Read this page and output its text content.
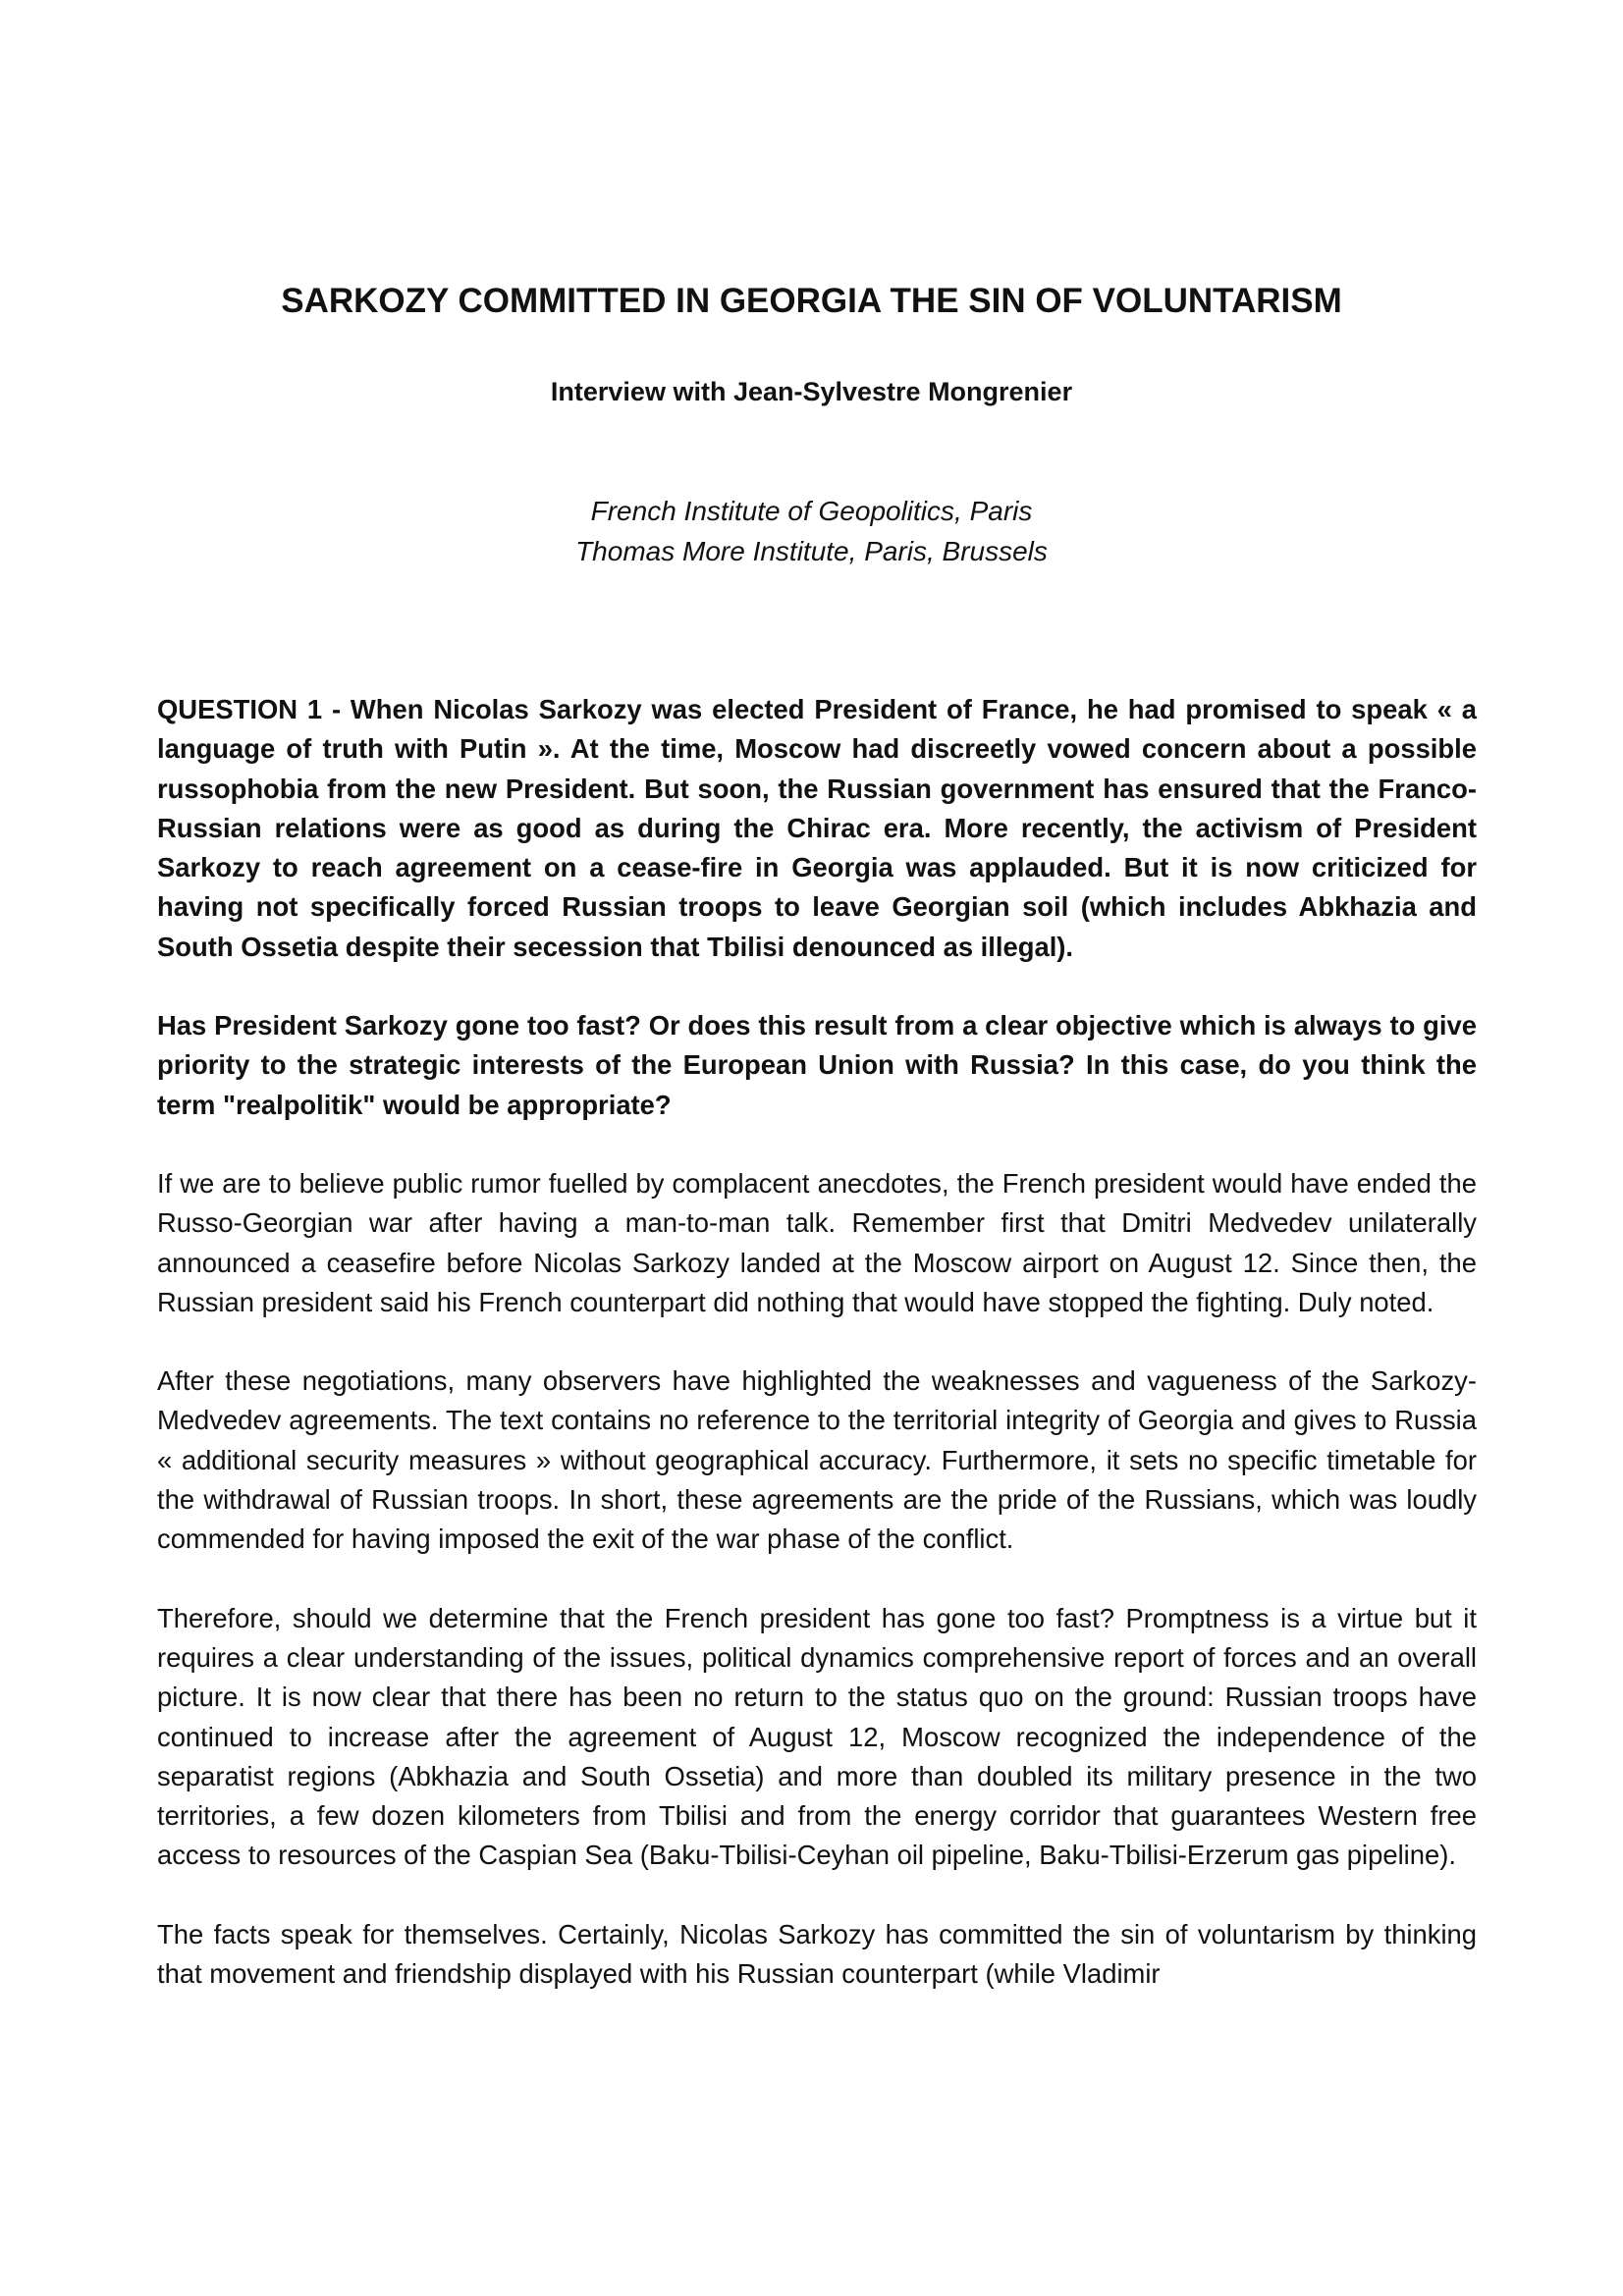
SARKOZY COMMITTED IN GEORGIA THE SIN OF VOLUNTARISM
Interview with Jean-Sylvestre Mongrenier
French Institute of Geopolitics, Paris
Thomas More Institute, Paris, Brussels

QUESTION 1 - When Nicolas Sarkozy was elected President of France, he had promised to speak « a language of truth with Putin ». At the time, Moscow had discreetly vowed concern about a possible russophobia from the new President. But soon, the Russian government has ensured that the Franco-Russian relations were as good as during the Chirac era. More recently, the activism of President Sarkozy to reach agreement on a cease-fire in Georgia was applauded. But it is now criticized for having not specifically forced Russian troops to leave Georgian soil (which includes Abkhazia and South Ossetia despite their secession that Tbilisi denounced as illegal).

Has President Sarkozy gone too fast? Or does this result from a clear objective which is always to give priority to the strategic interests of the European Union with Russia? In this case, do you think the term "realpolitik" would be appropriate?

If we are to believe public rumor fuelled by complacent anecdotes, the French president would have ended the Russo-Georgian war after having a man-to-man talk. Remember first that Dmitri Medvedev unilaterally announced a ceasefire before Nicolas Sarkozy landed at the Moscow airport on August 12. Since then, the Russian president said his French counterpart did nothing that would have stopped the fighting. Duly noted.

After these negotiations, many observers have highlighted the weaknesses and vagueness of the Sarkozy-Medvedev agreements. The text contains no reference to the territorial integrity of Georgia and gives to Russia « additional security measures » without geographical accuracy. Furthermore, it sets no specific timetable for the withdrawal of Russian troops. In short, these agreements are the pride of the Russians, which was loudly commended for having imposed the exit of the war phase of the conflict.

Therefore, should we determine that the French president has gone too fast? Promptness is a virtue but it requires a clear understanding of the issues, political dynamics comprehensive report of forces and an overall picture. It is now clear that there has been no return to the status quo on the ground: Russian troops have continued to increase after the agreement of August 12, Moscow recognized the independence of the separatist regions (Abkhazia and South Ossetia) and more than doubled its military presence in the two territories, a few dozen kilometers from Tbilisi and from the energy corridor that guarantees Western free access to resources of the Caspian Sea (Baku-Tbilisi-Ceyhan oil pipeline, Baku-Tbilisi-Erzerum gas pipeline).

The facts speak for themselves. Certainly, Nicolas Sarkozy has committed the sin of voluntarism by thinking that movement and friendship displayed with his Russian counterpart (while Vladimir
